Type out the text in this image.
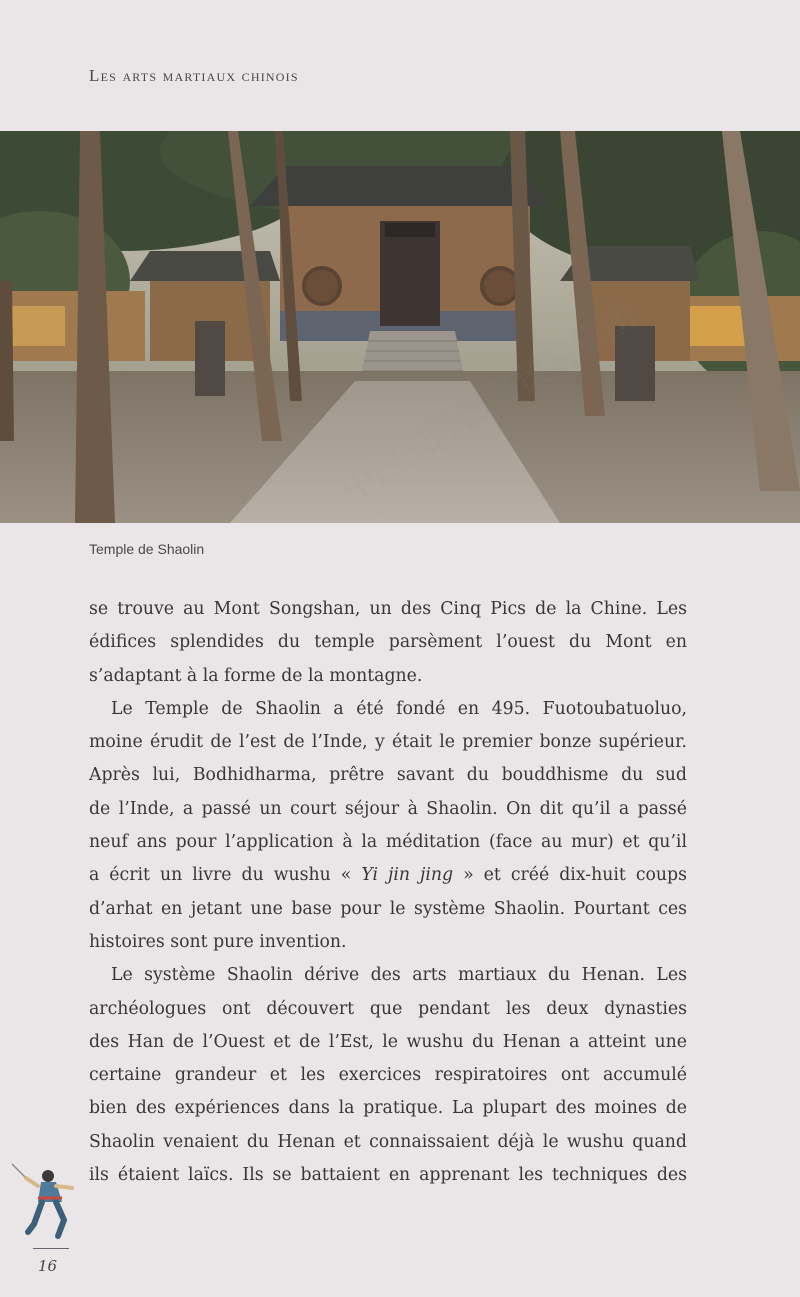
Les arts martiaux chinois
Temple de Shaolin
se trouve au Mont Songshan, un des Cinq Pics de la Chine. Les
édifices splendides du temple parsèment l’ouest du Mont en
s’adaptant à la forme de la montagne.
Le Temple de Shaolin a été fondé en 495. Fuotoubatuoluo,
moine érudit de l’est de l’Inde, y était le premier bonze supérieur.
Après lui, Bodhidharma, prêtre savant du bouddhisme du sud
de l’Inde, a passé un court séjour à Shaolin. On dit qu’il a passé
neuf ans pour l’application à la méditation (face au mur) et qu’il
a écrit un livre du wushu « Yi jin jing » et créé dix-huit coups
d’arhat en jetant une base pour le système Shaolin. Pourtant ces
histoires sont pure invention.
Le système Shaolin dérive des arts martiaux du Henan. Les
archéologues ont découvert que pendant les deux dynasties
des Han de l’Ouest et de l’Est, le wushu du Henan a atteint une
certaine grandeur et les exercices respiratoires ont accumulé
bien des expériences dans la pratique. La plupart des moines de
Shaolin venaient du Henan et connaissaient déjà le wushu quand
ils étaient laïcs. Ils se battaient en apprenant les techniques des
16
